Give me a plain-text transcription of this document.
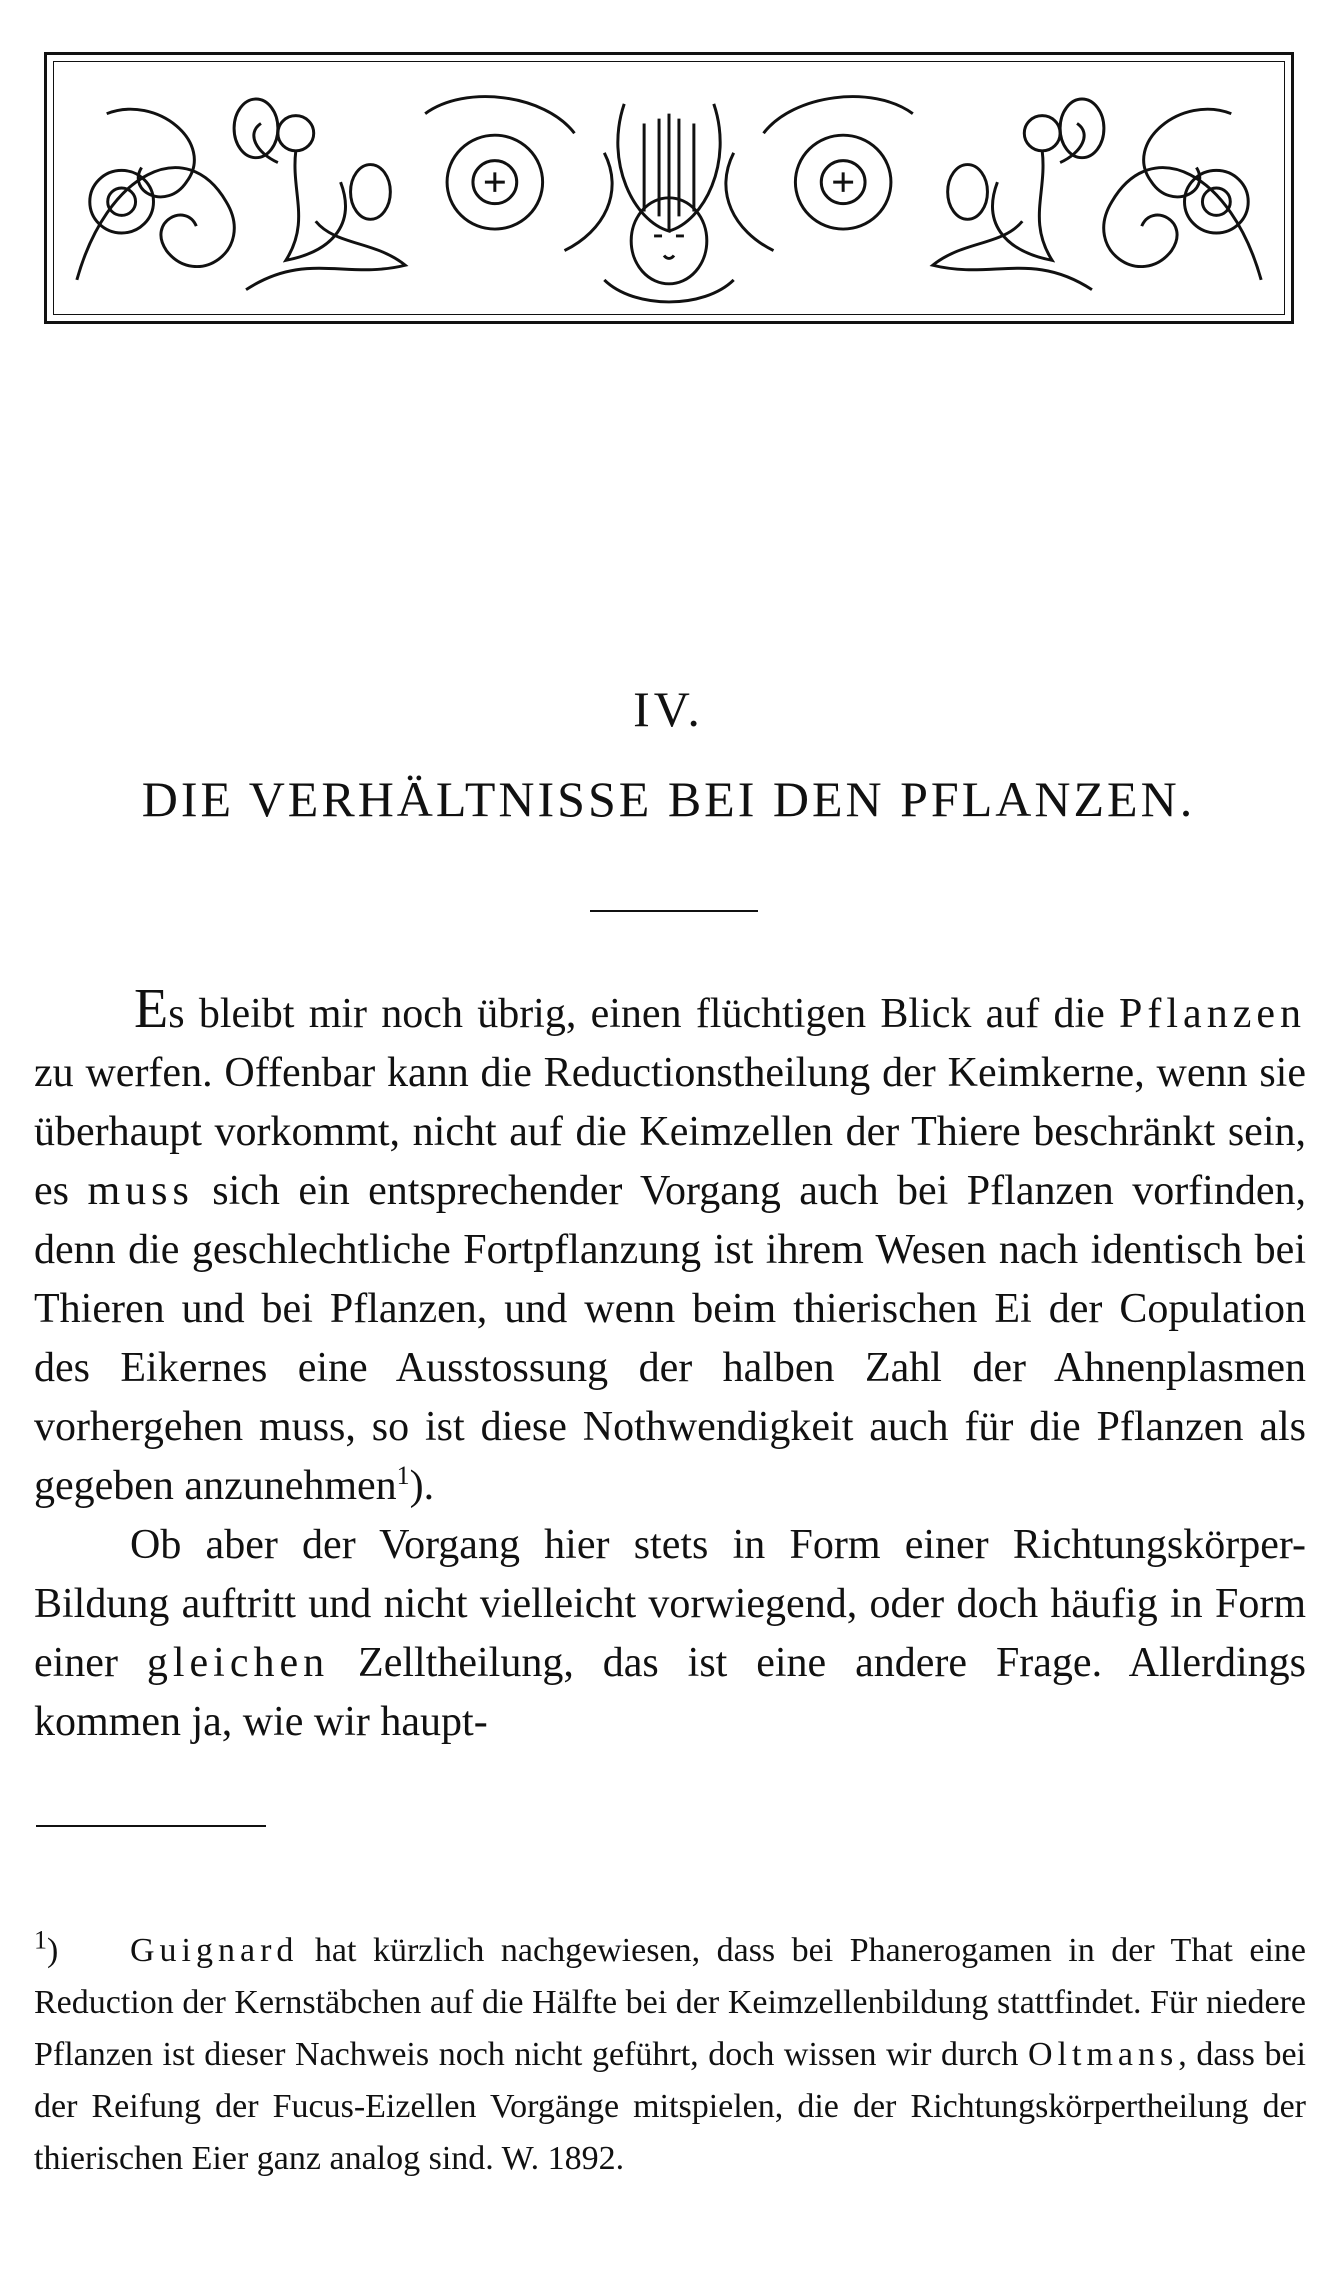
IV.
DIE VERHÄLTNISSE BEI DEN PFLANZEN.

Es bleibt mir noch übrig, einen flüchtigen Blick auf die Pflanzen zu werfen. Offenbar kann die Reductionstheilung der Keimkerne, wenn sie überhaupt vorkommt, nicht auf die Keimzellen der Thiere beschränkt sein, es muss sich ein entsprechender Vorgang auch bei Pflanzen vorfinden, denn die geschlechtliche Fortpflanzung ist ihrem Wesen nach identisch bei Thieren und bei Pflanzen, und wenn beim thierischen Ei der Copulation des Eikernes eine Ausstossung der halben Zahl der Ahnenplasmen vorhergehen muss, so ist diese Nothwendigkeit auch für die Pflanzen als gegeben anzunehmen$^1$).

Ob aber der Vorgang hier stets in Form einer Richtungskörper-Bildung auftritt und nicht vielleicht vorwiegend, oder doch häufig in Form einer gleichen Zelltheilung, das ist eine andere Frage. Allerdings kommen ja, wie wir haupt-

$^1$) Guignard hat kürzlich nachgewiesen, dass bei Phanerogamen in der That eine Reduction der Kernstäbchen auf die Hälfte bei der Keimzellenbildung stattfindet. Für niedere Pflanzen ist dieser Nachweis noch nicht geführt, doch wissen wir durch Oltmans, dass bei der Reifung der Fucus-Eizellen Vorgänge mitspielen, die der Richtungskörpertheilung der thierischen Eier ganz analog sind. W. 1892.
